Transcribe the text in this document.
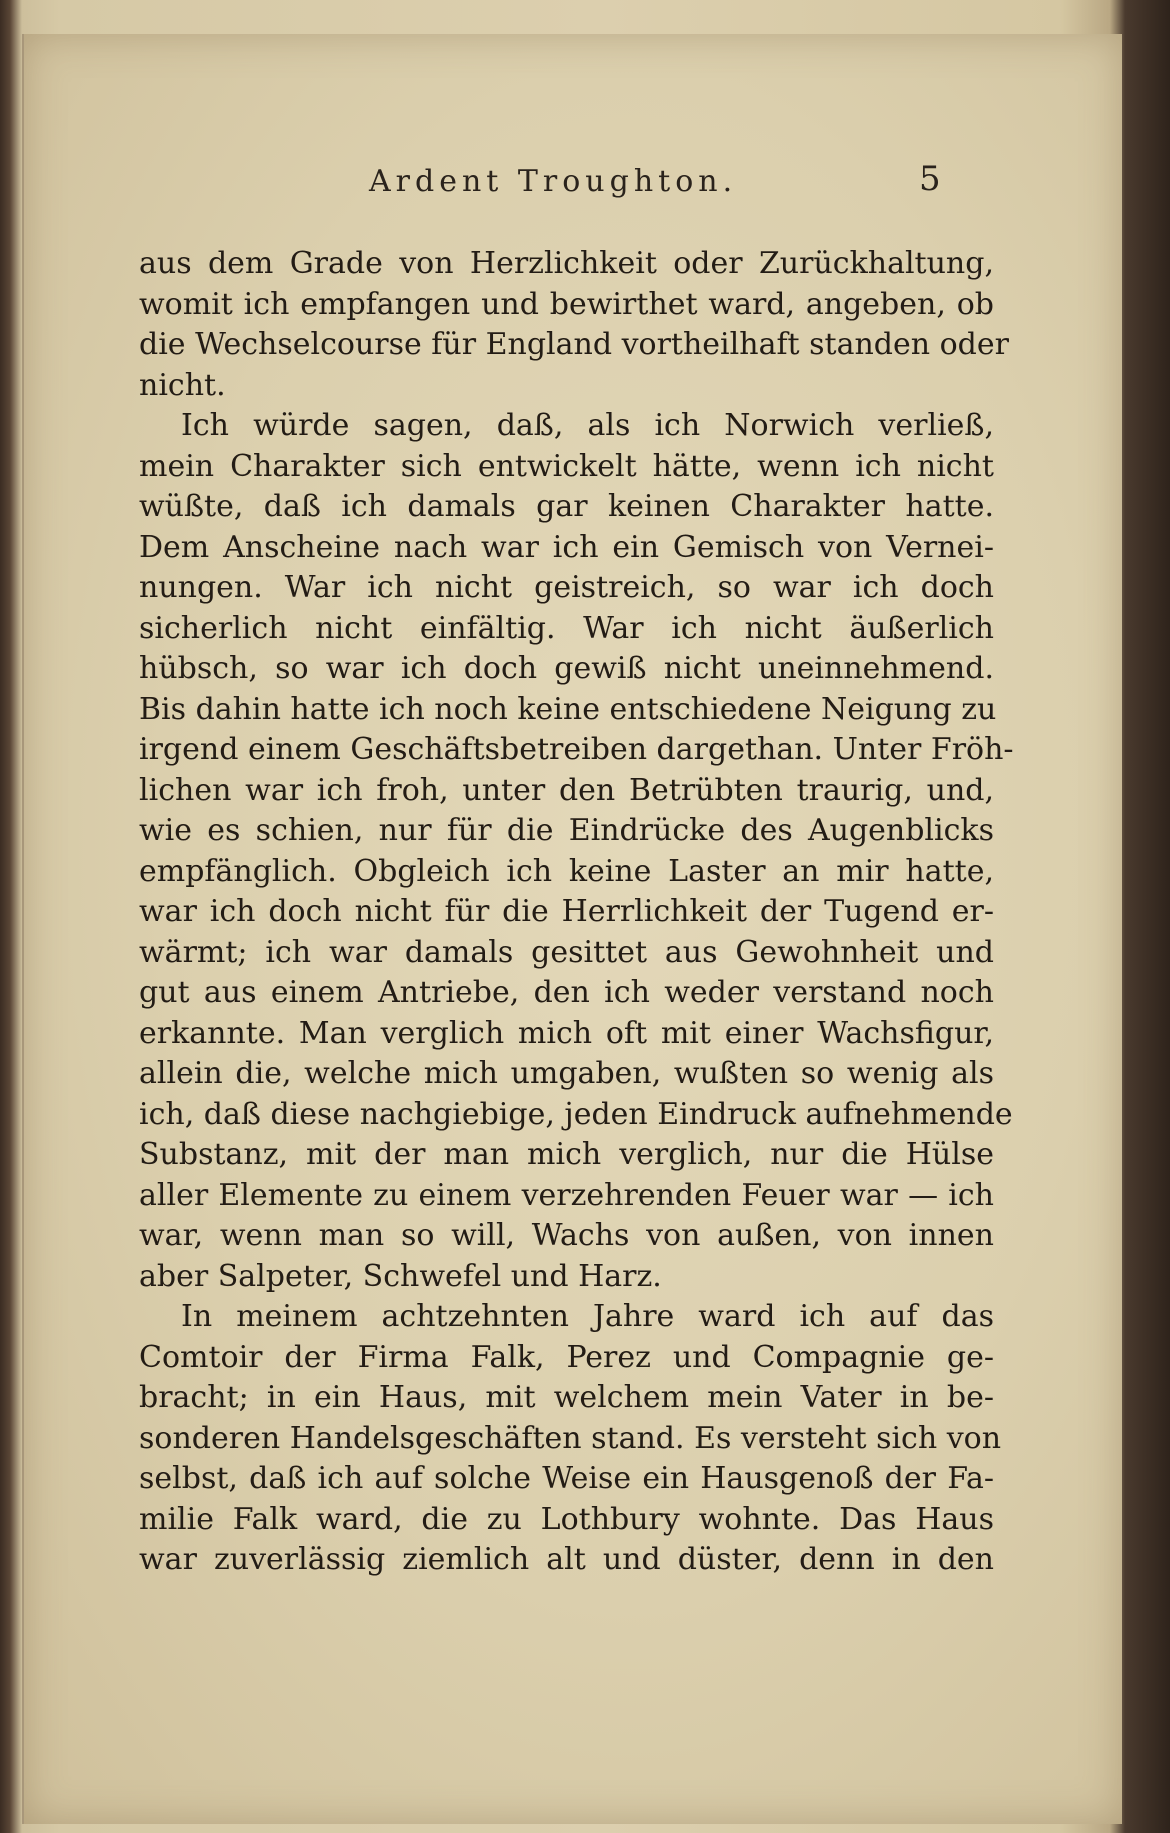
Ardent Troughton.	5
aus dem Grade von Herzlichkeit oder Zurückhaltung,
womit ich empfangen und bewirthet ward, angeben, ob
die Wechselcourse für England vortheilhaft standen oder
nicht.
Ich würde sagen, daß, als ich Norwich verließ,
mein Charakter sich entwickelt hätte, wenn ich nicht
wüßte, daß ich damals gar keinen Charakter hatte.
Dem Anscheine nach war ich ein Gemisch von Vernei-
nungen. War ich nicht geistreich, so war ich doch
sicherlich nicht einfältig. War ich nicht äußerlich
hübsch, so war ich doch gewiß nicht uneinnehmend.
Bis dahin hatte ich noch keine entschiedene Neigung zu
irgend einem Geschäftsbetreiben dargethan. Unter Fröh-
lichen war ich froh, unter den Betrübten traurig, und,
wie es schien, nur für die Eindrücke des Augenblicks
empfänglich. Obgleich ich keine Laster an mir hatte,
war ich doch nicht für die Herrlichkeit der Tugend er-
wärmt; ich war damals gesittet aus Gewohnheit und
gut aus einem Antriebe, den ich weder verstand noch
erkannte. Man verglich mich oft mit einer Wachsfigur,
allein die, welche mich umgaben, wußten so wenig als
ich, daß diese nachgiebige, jeden Eindruck aufnehmende
Substanz, mit der man mich verglich, nur die Hülse
aller Elemente zu einem verzehrenden Feuer war — ich
war, wenn man so will, Wachs von außen, von innen
aber Salpeter, Schwefel und Harz.
In meinem achtzehnten Jahre ward ich auf das
Comtoir der Firma Falk, Perez und Compagnie ge-
bracht; in ein Haus, mit welchem mein Vater in be-
sonderen Handelsgeschäften stand. Es versteht sich von
selbst, daß ich auf solche Weise ein Hausgenoß der Fa-
milie Falk ward, die zu Lothbury wohnte. Das Haus
war zuverlässig ziemlich alt und düster, denn in den
